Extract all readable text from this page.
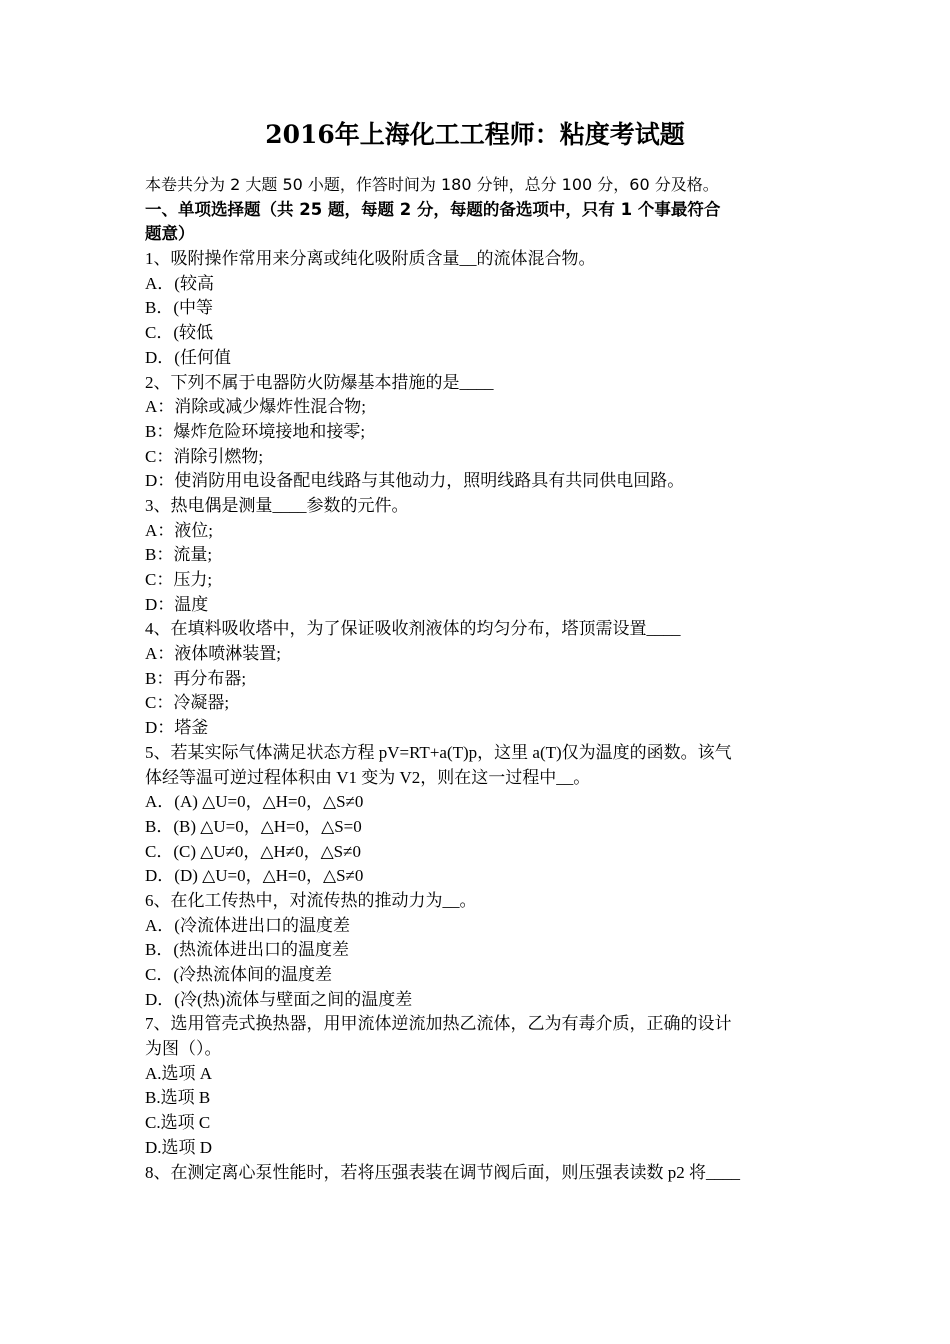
2016年上海化工工程师：粘度考试题
本卷共分为 2 大题 50 小题，作答时间为 180 分钟，总分 100 分，60 分及格。
一、单项选择题（共 25 题，每题 2 分，每题的备选项中，只有 1 个事最符合
题意）
1、吸附操作常用来分离或纯化吸附质含量__的流体混合物。
A．(较高
B．(中等
C．(较低
D．(任何值
2、下列不属于电器防火防爆基本措施的是____
A：消除或减少爆炸性混合物;
B：爆炸危险环境接地和接零;
C：消除引燃物;
D：使消防用电设备配电线路与其他动力，照明线路具有共同供电回路。
3、热电偶是测量____参数的元件。
A：液位;
B：流量;
C：压力;
D：温度
4、在填料吸收塔中，为了保证吸收剂液体的均匀分布，塔顶需设置____
A：液体喷淋装置;
B：再分布器;
C：冷凝器;
D：塔釜
5、若某实际气体满足状态方程 pV=RT+a(T)p，这里 a(T)仅为温度的函数。该气
体经等温可逆过程体积由 V1 变为 V2，则在这一过程中__。
A．(A) △U=0，△H=0，△S≠0
B．(B) △U=0，△H=0，△S=0
C．(C) △U≠0，△H≠0，△S≠0
D．(D) △U=0，△H=0，△S≠0
6、在化工传热中，对流传热的推动力为__。
A．(冷流体进出口的温度差
B．(热流体进出口的温度差
C．(冷热流体间的温度差
D．(冷(热)流体与壁面之间的温度差
7、选用管壳式换热器，用甲流体逆流加热乙流体，乙为有毒介质，正确的设计
为图（）。
A.选项 A
B.选项 B
C.选项 C
D.选项 D
8、在测定离心泵性能时，若将压强表装在调节阀后面，则压强表读数 p2 将____
